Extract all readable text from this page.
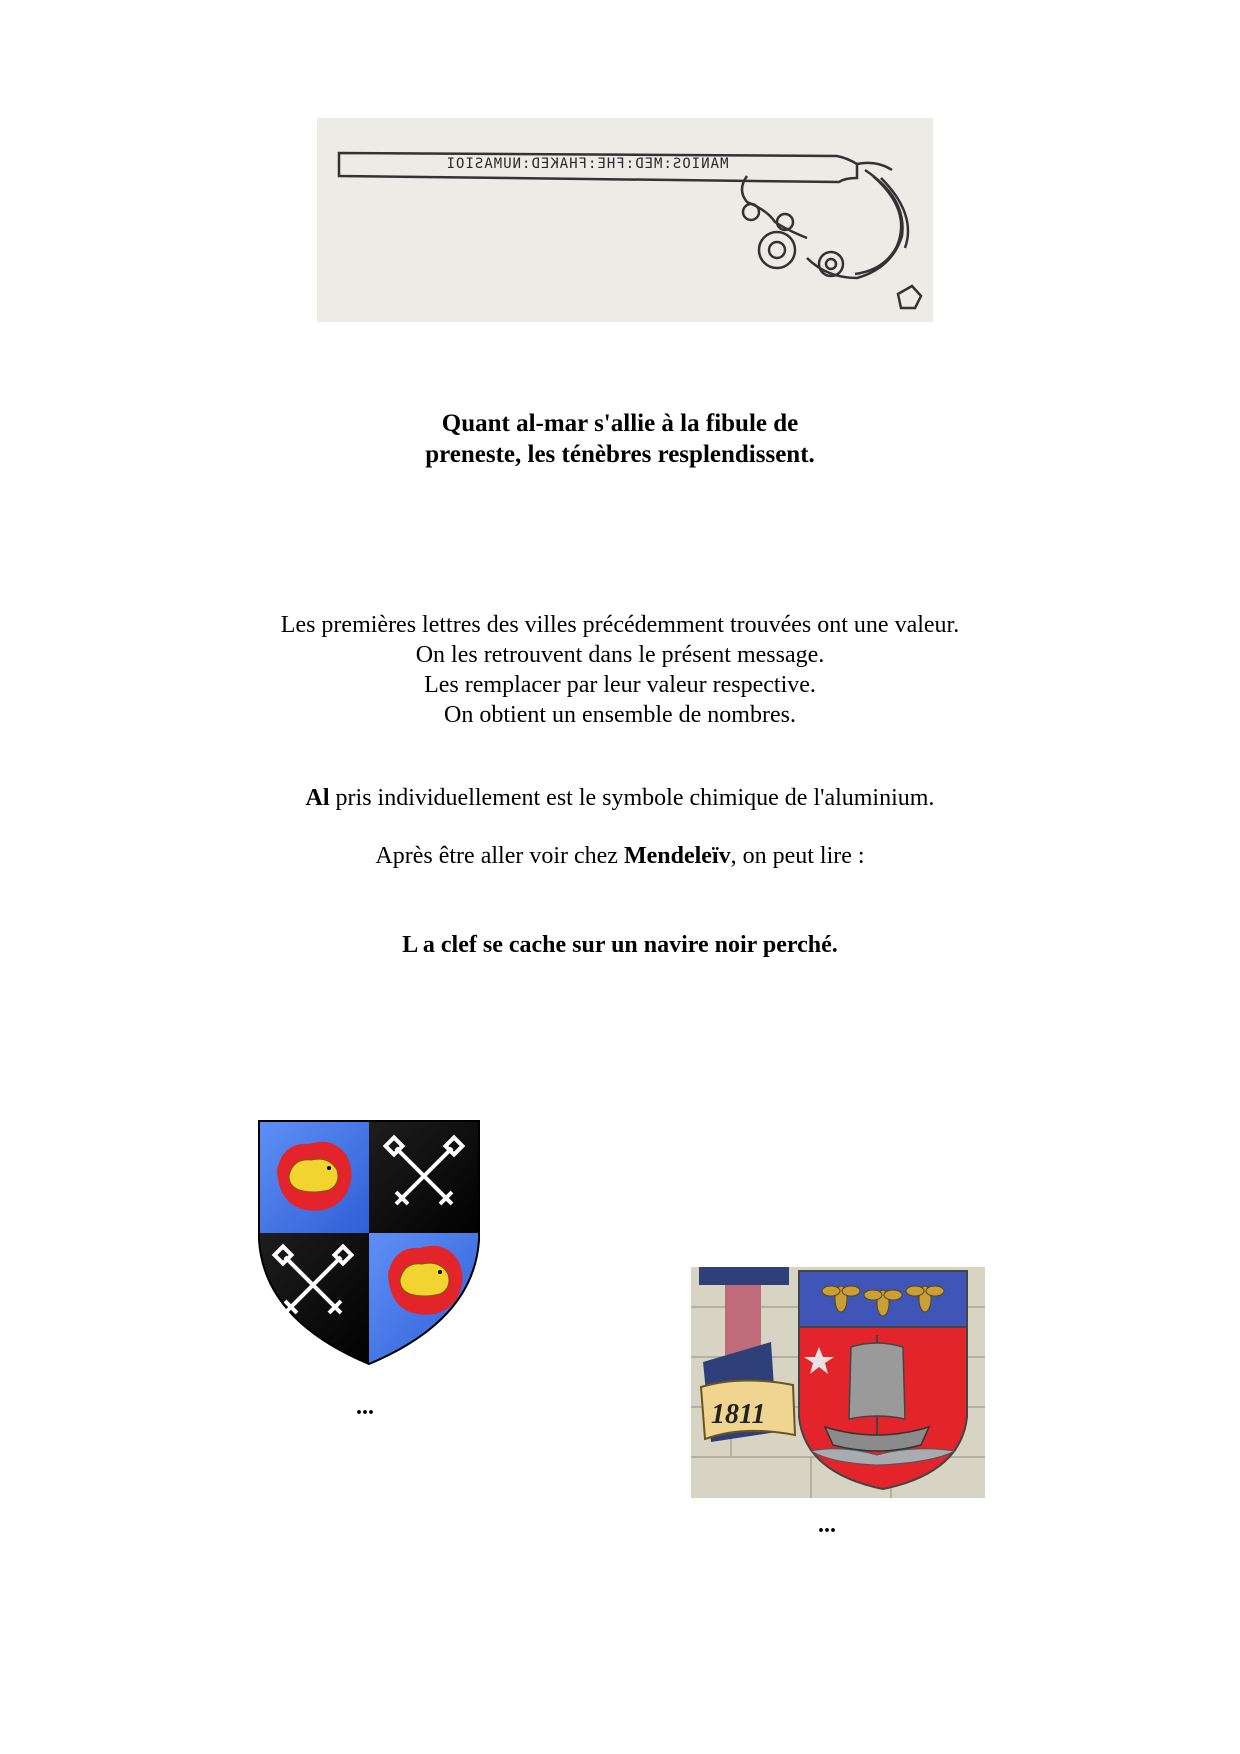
MANIOS:MED:FHE:FHAKED:NUMASIOI
Quant al-mar s'allie à la fibule de
preneste, les ténèbres resplendissent.
Les premières lettres des villes précédemment trouvées ont une valeur.
On les retrouvent dans le présent message.
Les remplacer par leur valeur respective.
On obtient un ensemble de nombres.
Al pris individuellement est le symbole chimique de l'aluminium.
Après être aller voir chez Mendeleïv, on peut lire :
L a clef se cache sur un navire noir perché.
...	1811
...
